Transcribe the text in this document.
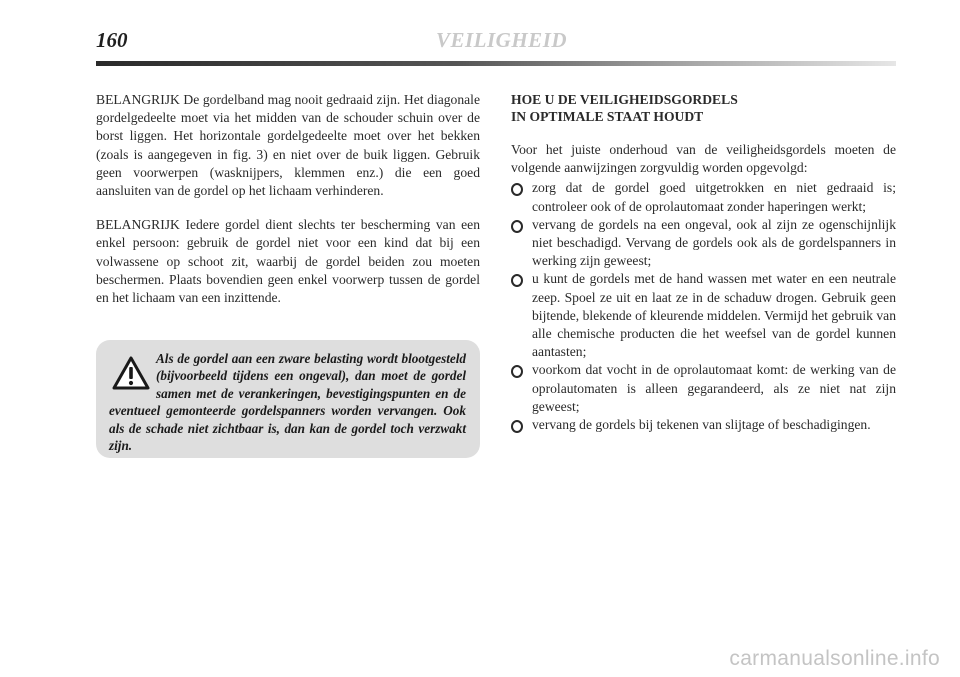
160	VEILIGHEID

BELANGRIJK De gordelband mag nooit gedraaid zijn. Het diagonale gordelgedeelte moet via het midden van de schouder schuin over de borst liggen. Het horizontale gordelgedeelte moet over het bekken (zoals is aangegeven in fig. 3) en niet over de buik liggen. Gebruik geen voorwerpen (wasknijpers, klemmen enz.) die een goed aansluiten van de gordel op het lichaam verhinderen.

BELANGRIJK Iedere gordel dient slechts ter bescherming van een enkel persoon: gebruik de gordel niet voor een kind dat bij een volwassene op schoot zit, waarbij de gordel beiden zou moeten beschermen. Plaats bovendien geen enkel voorwerp tussen de gordel en het lichaam van een inzittende.

Als de gordel aan een zware belasting wordt blootgesteld (bijvoorbeeld tijdens een ongeval), dan moet de gordel samen met de verankeringen, bevestigingspunten en de eventueel gemonteerde gordelspanners worden vervangen. Ook als de schade niet zichtbaar is, dan kan de gordel toch verzwakt zijn.

HOE U DE VEILIGHEIDSGORDELS
IN OPTIMALE STAAT HOUDT

Voor het juiste onderhoud van de veiligheidsgordels moeten de volgende aanwijzingen zorgvuldig worden opgevolgd:

zorg dat de gordel goed uitgetrokken en niet gedraaid is; controleer ook of de oprolautomaat zonder haperingen werkt;
vervang de gordels na een ongeval, ook al zijn ze ogenschijnlijk niet beschadigd. Vervang de gordels ook als de gordelspanners in werking zijn geweest;
u kunt de gordels met de hand wassen met water en een neutrale zeep. Spoel ze uit en laat ze in de schaduw drogen. Gebruik geen bijtende, blekende of kleurende middelen. Vermijd het gebruik van alle chemische producten die het weefsel van de gordel kunnen aantasten;
voorkom dat vocht in de oprolautomaat komt: de werking van de oprolautomaten is alleen gegarandeerd, als ze niet nat zijn geweest;
vervang de gordels bij tekenen van slijtage of beschadigingen.
carmanualsonline.info
